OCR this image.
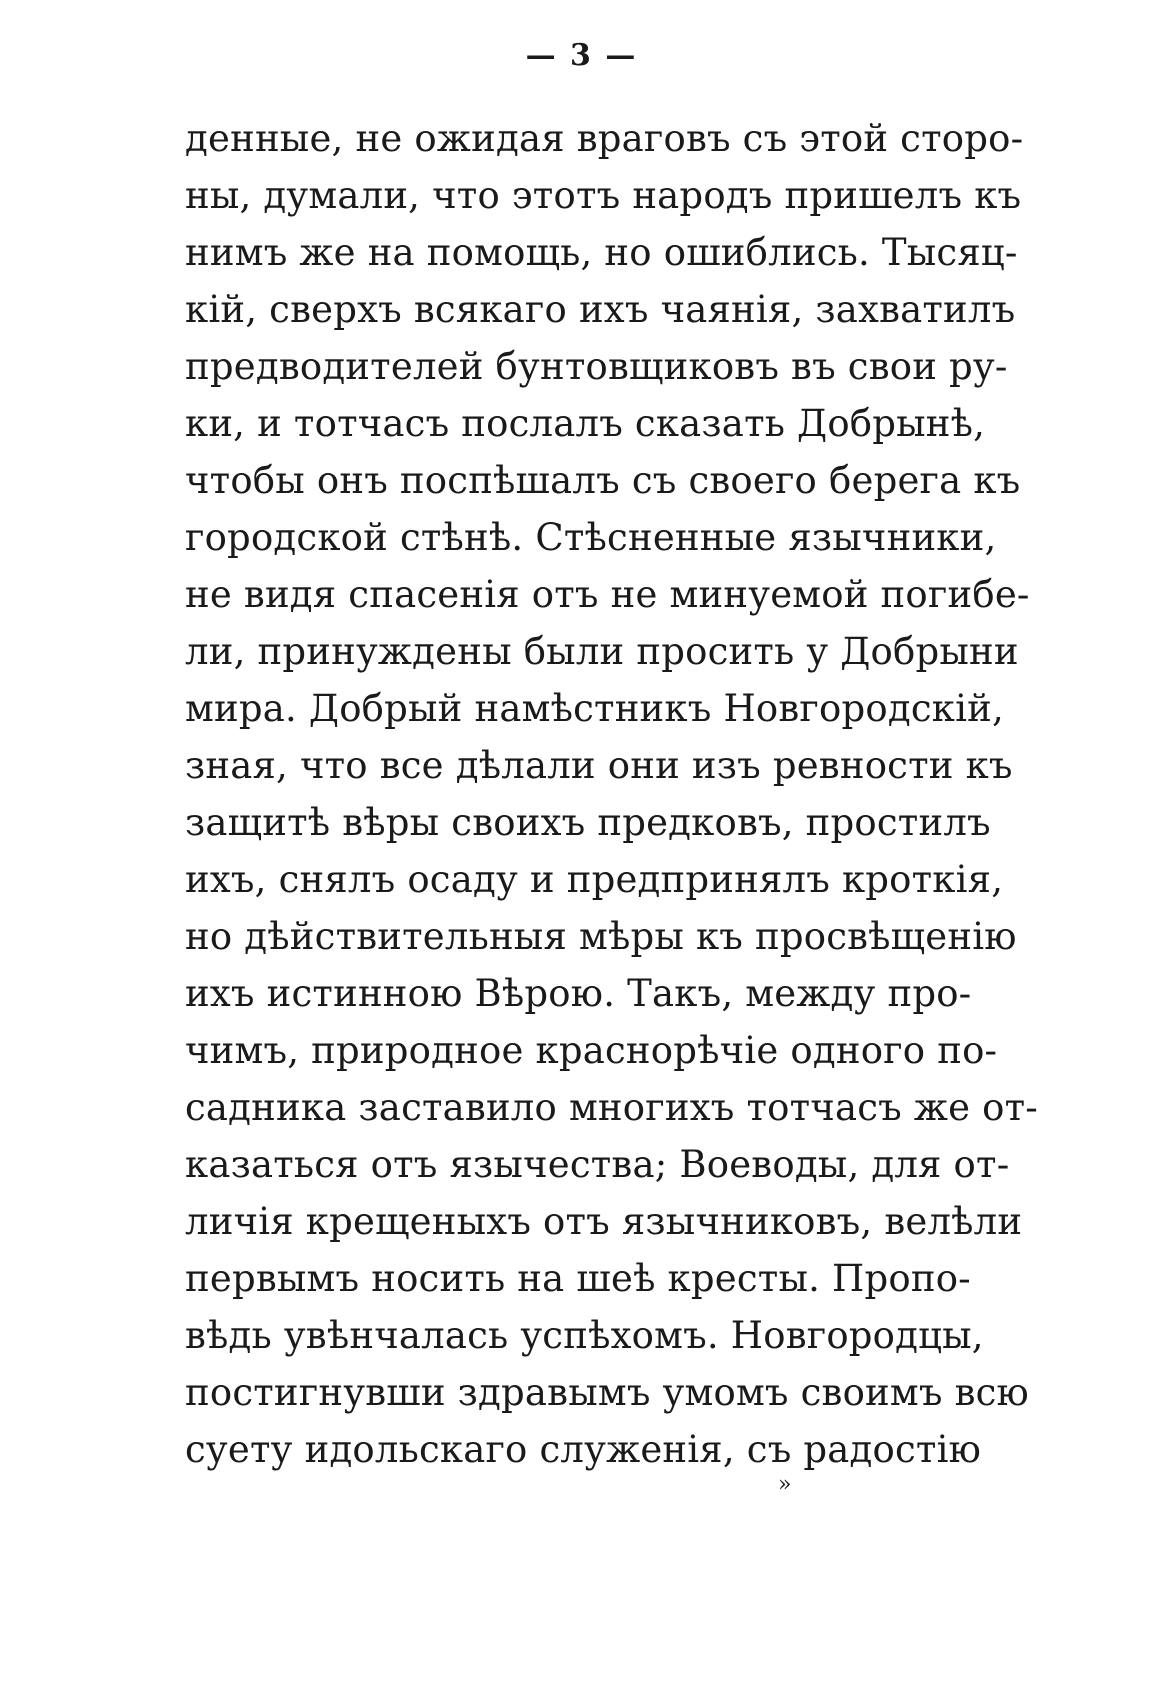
— 3 —
денные, не ожидая враговъ съ этой сторо-
ны, думали, что этотъ народъ пришелъ къ
нимъ же на помощь, но ошиблись. Тысяц-
кій, сверхъ всякаго ихъ чаянія, захватилъ
предводителей бунтовщиковъ въ свои ру-
ки, и тотчасъ послалъ сказать Добрынѣ,
чтобы онъ поспѣшалъ съ своего берега къ
городской стѣнѣ. Стѣсненные язычники,
не видя спасенія отъ не минуемой погибе-
ли, принуждены были просить у Добрыни
мира. Добрый намѣстникъ Новгородскій,
зная, что все дѣлали они изъ ревности къ
защитѣ вѣры своихъ предковъ, простилъ
ихъ, снялъ осаду и предпринялъ кроткія,
но дѣйствительныя мѣры къ просвѣщенію
ихъ истинною Вѣрою. Такъ, между про-
чимъ, природное краснорѣчіе одного по-
садника заставило многихъ тотчасъ же от-
казаться отъ язычества; Воеводы, для от-
личія крещеныхъ отъ язычниковъ, велѣли
первымъ носить на шеѣ кресты. Пропо-
вѣдь увѣнчалась успѣхомъ. Новгородцы,
постигнувши здравымъ умомъ своимъ всю
суету идольскаго служенія, съ радостію
»
